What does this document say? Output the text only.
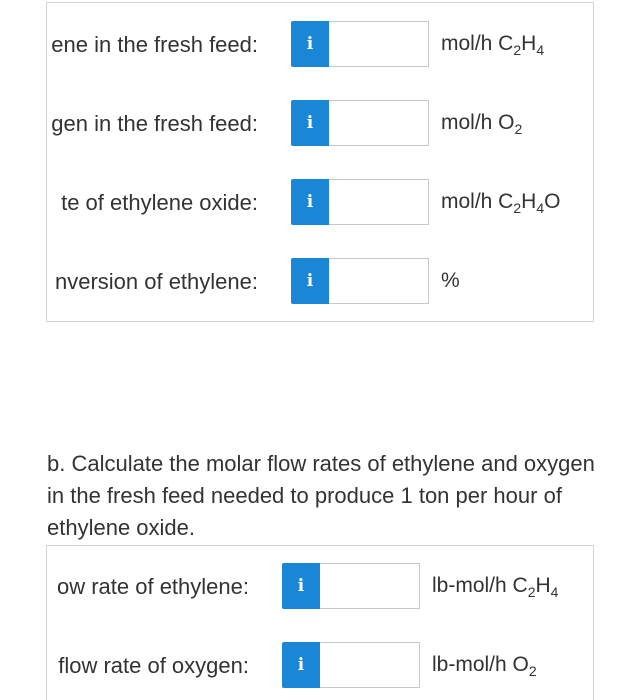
ene in the fresh feed:	i	mol/h $C_2H_4$
gen in the fresh feed:	i	mol/h $O_2$
te of ethylene oxide:	i	mol/h $C_2H_4O$
nversion of ethylene:	i	%
b. Calculate the molar flow rates of ethylene and oxygen in the fresh feed needed to produce 1 ton per hour of ethylene oxide.
ow rate of ethylene:	i	lb-mol/h $C_2H_4$
flow rate of oxygen:	i	lb-mol/h $O_2$
